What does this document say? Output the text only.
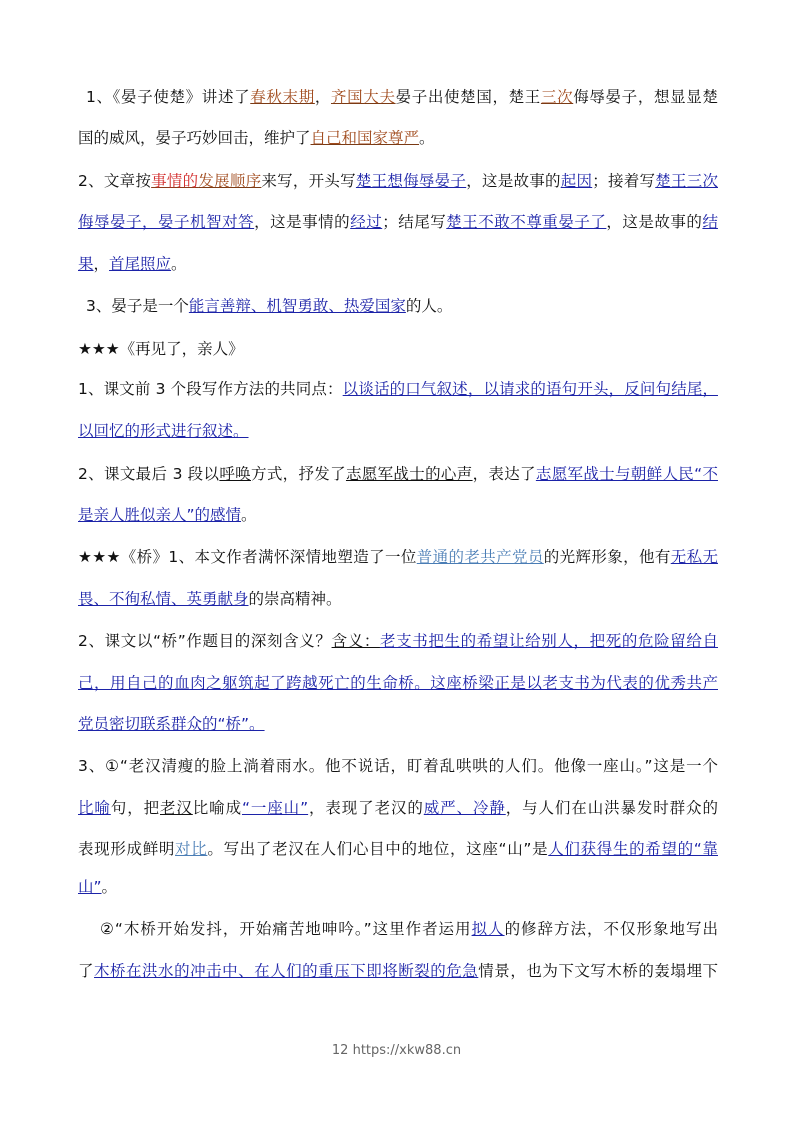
1、《晏子使楚》讲述了春秋末期，齐国大夫晏子出使楚国，楚王三次侮辱晏子，想显显楚
国的威风，晏子巧妙回击，维护了自己和国家尊严。
2、文章按事情的发展顺序来写，开头写楚王想侮辱晏子，这是故事的起因；接着写楚王三次
侮辱晏子，晏子机智对答，这是事情的经过；结尾写楚王不敢不尊重晏子了，这是故事的结
果，首尾照应。
3、晏子是一个能言善辩、机智勇敢、热爱国家的人。
★★★《再见了，亲人》
1、课文前 3 个段写作方法的共同点：以谈话的口气叙述，以请求的语句开头，反问句结尾，
以回忆的形式进行叙述。
2、课文最后 3 段以呼唤方式，抒发了志愿军战士的心声，表达了志愿军战士与朝鲜人民“不
是亲人胜似亲人”的感情。
★★★《桥》1、本文作者满怀深情地塑造了一位普通的老共产党员的光辉形象，他有无私无
畏、不徇私情、英勇献身的崇高精神。
2、课文以“桥”作题目的深刻含义？含义：老支书把生的希望让给别人，把死的危险留给自
己，用自己的血肉之躯筑起了跨越死亡的生命桥。这座桥梁正是以老支书为代表的优秀共产
党员密切联系群众的“桥”。
3、①“老汉清瘦的脸上淌着雨水。他不说话，盯着乱哄哄的人们。他像一座山。”这是一个
比喻句，把老汉比喻成“一座山”，表现了老汉的威严、冷静，与人们在山洪暴发时群众的
表现形成鲜明对比。写出了老汉在人们心目中的地位，这座“山”是人们获得生的希望的“靠
山”。
②“木桥开始发抖，开始痛苦地呻吟。”这里作者运用拟人的修辞方法，不仅形象地写出
了木桥在洪水的冲击中、在人们的重压下即将断裂的危急情景，也为下文写木桥的轰塌埋下
12 https://xkw88.cn
